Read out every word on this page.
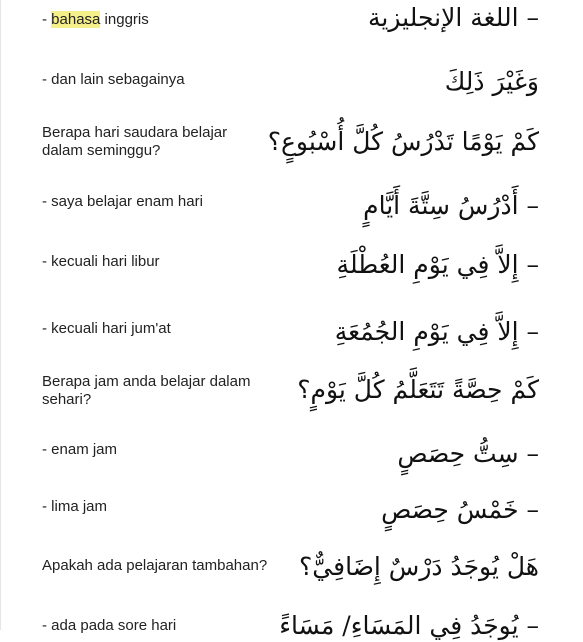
- bahasa inggris	– اللغة الإنجليزية
- dan lain sebagainya	وَغَيْرَ ذَلِكَ
Berapa hari saudara belajar dalam seminggu?	كَمْ يَوْمًا تَدْرُسُ كُلَّ أُسْبُوعٍ؟
- saya belajar enam hari	– أَدْرُسُ سِتَّةَ أَيَّامٍ
- kecuali hari libur	– إِلاَّ فِي يَوْمِ العُطْلَةِ
- kecuali hari jum'at	– إِلاَّ فِي يَوْمِ الجُمُعَةِ
Berapa jam anda belajar dalam sehari?	كَمْ حِصَّةً تَتَعَلَّمُ كُلَّ يَوْمٍ؟
- enam jam	– سِتُّ حِصَصٍ
- lima jam	– خَمْسُ حِصَصٍ
Apakah ada pelajaran tambahan?	هَلْ يُوجَدُ دَرْسٌ إِضَافِيٌّ؟
- ada pada sore hari	– يُوجَدُ فِي المَسَاءِ/ مَسَاءً
